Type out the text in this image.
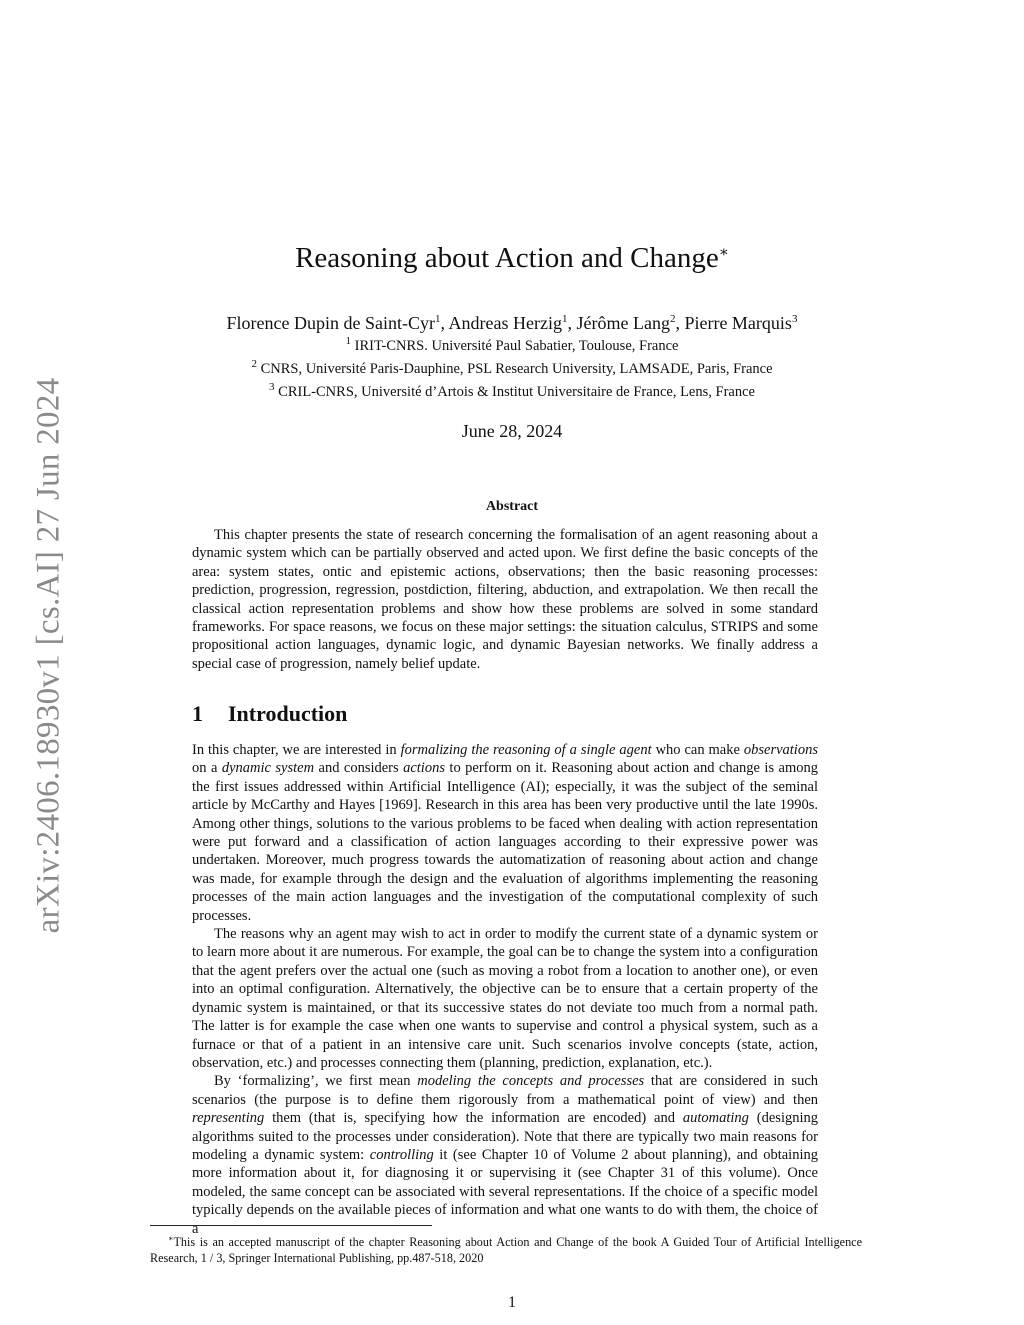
arXiv:2406.18930v1 [cs.AI] 27 Jun 2024
Reasoning about Action and Change∗
Florence Dupin de Saint-Cyr$^1$, Andreas Herzig$^1$, Jérôme Lang$^2$, Pierre Marquis$^3$
$^1$ IRIT-CNRS. Université Paul Sabatier, Toulouse, France
$^2$ CNRS, Université Paris-Dauphine, PSL Research University, LAMSADE, Paris, France
$^3$ CRIL-CNRS, Université d’Artois & Institut Universitaire de France, Lens, France
June 28, 2024
Abstract

This chapter presents the state of research concerning the formalisation of an agent reasoning about a dynamic system which can be partially observed and acted upon. We first define the basic concepts of the area: system states, ontic and epistemic actions, observations; then the basic reasoning processes: prediction, progression, regression, postdiction, filtering, abduction, and extrapolation. We then recall the classical action representation problems and show how these problems are solved in some standard frameworks. For space reasons, we focus on these major settings: the situation calculus, STRIPS and some propositional action languages, dynamic logic, and dynamic Bayesian networks. We finally address a special case of progression, namely belief update.

1 Introduction

In this chapter, we are interested in formalizing the reasoning of a single agent who can make observations on a dynamic system and considers actions to perform on it. Reasoning about action and change is among the first issues addressed within Artificial Intelligence (AI); especially, it was the subject of the seminal article by McCarthy and Hayes [1969]. Research in this area has been very productive until the late 1990s. Among other things, solutions to the various problems to be faced when dealing with action representation were put forward and a classification of action languages according to their expressive power was undertaken. Moreover, much progress towards the automatization of reasoning about action and change was made, for example through the design and the evaluation of algorithms implementing the reasoning processes of the main action languages and the investigation of the computational complexity of such processes.

The reasons why an agent may wish to act in order to modify the current state of a dynamic system or to learn more about it are numerous. For example, the goal can be to change the system into a configuration that the agent prefers over the actual one (such as moving a robot from a location to another one), or even into an optimal configuration. Alternatively, the objective can be to ensure that a certain property of the dynamic system is maintained, or that its successive states do not deviate too much from a normal path. The latter is for example the case when one wants to supervise and control a physical system, such as a furnace or that of a patient in an intensive care unit. Such scenarios involve concepts (state, action, observation, etc.) and processes connecting them (planning, prediction, explanation, etc.).

By ‘formalizing’, we first mean modeling the concepts and processes that are considered in such scenarios (the purpose is to define them rigorously from a mathematical point of view) and then representing them (that is, specifying how the information are encoded) and automating (designing algorithms suited to the processes under consideration). Note that there are typically two main reasons for modeling a dynamic system: controlling it (see Chapter 10 of Volume 2 about planning), and obtaining more information about it, for diagnosing it or supervising it (see Chapter 31 of this volume). Once modeled, the same concept can be associated with several representations. If the choice of a specific model typically depends on the available pieces of information and what one wants to do with them, the choice of a

∗This is an accepted manuscript of the chapter Reasoning about Action and Change of the book A Guided Tour of Artificial Intelligence Research, 1 / 3, Springer International Publishing, pp.487-518, 2020

1
